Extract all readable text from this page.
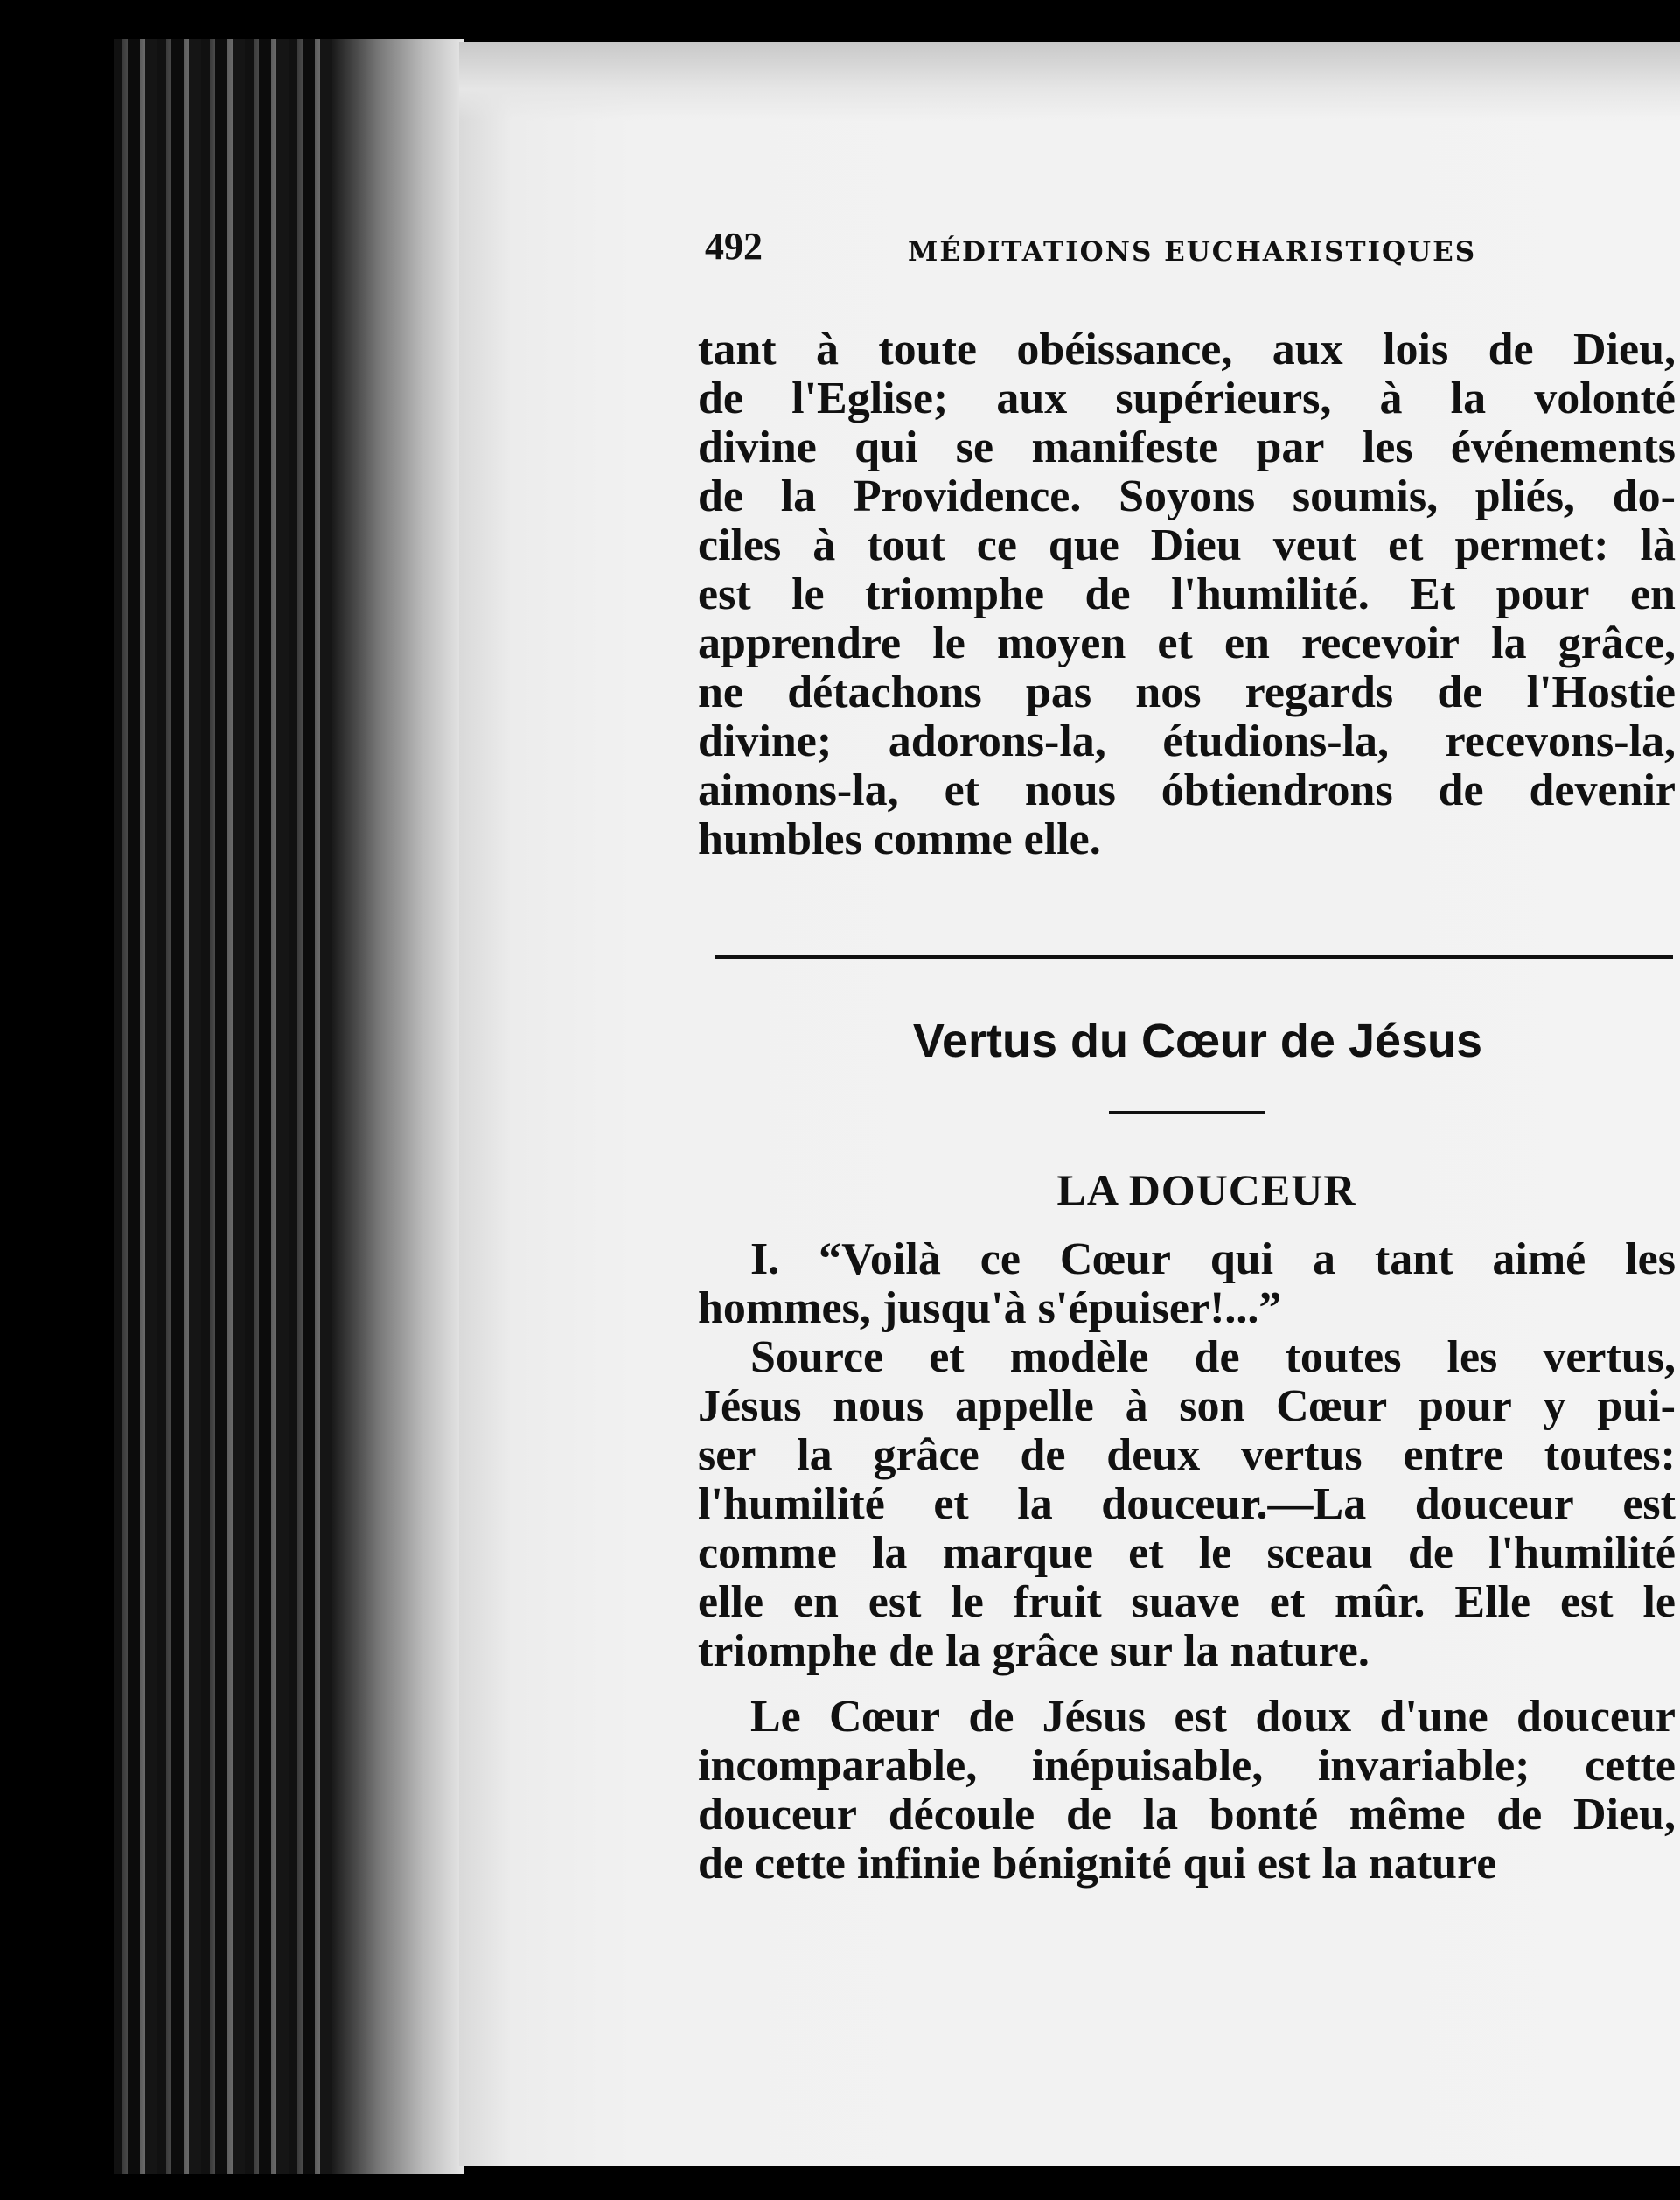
492	MÉDITATIONS EUCHARISTIQUES
tant à toute obéissance, aux lois de Dieu,
de l'Eglise; aux supérieurs, à la volonté
divine qui se manifeste par les événements
de la Providence. Soyons soumis, pliés, do-
ciles à tout ce que Dieu veut et permet: là
est le triomphe de l'humilité. Et pour en
apprendre le moyen et en recevoir la grâce,
ne détachons pas nos regards de l'Hostie
divine; adorons-la, étudions-la, recevons-la,
aimons-la, et nous óbtiendrons de devenir
humbles comme elle.
Vertus du Cœur de Jésus
LA DOUCEUR
I. “Voilà ce Cœur qui a tant aimé les
hommes, jusqu'à s'épuiser!...”
Source et modèle de toutes les vertus,
Jésus nous appelle à son Cœur pour y pui-
ser la grâce de deux vertus entre toutes:
l'humilité et la douceur.—La douceur est
comme la marque et le sceau de l'humilité
elle en est le fruit suave et mûr. Elle est le
triomphe de la grâce sur la nature.
Le Cœur de Jésus est doux d'une douceur
incomparable, inépuisable, invariable; cette
douceur découle de la bonté même de Dieu,
de cette infinie bénignité qui est la nature
